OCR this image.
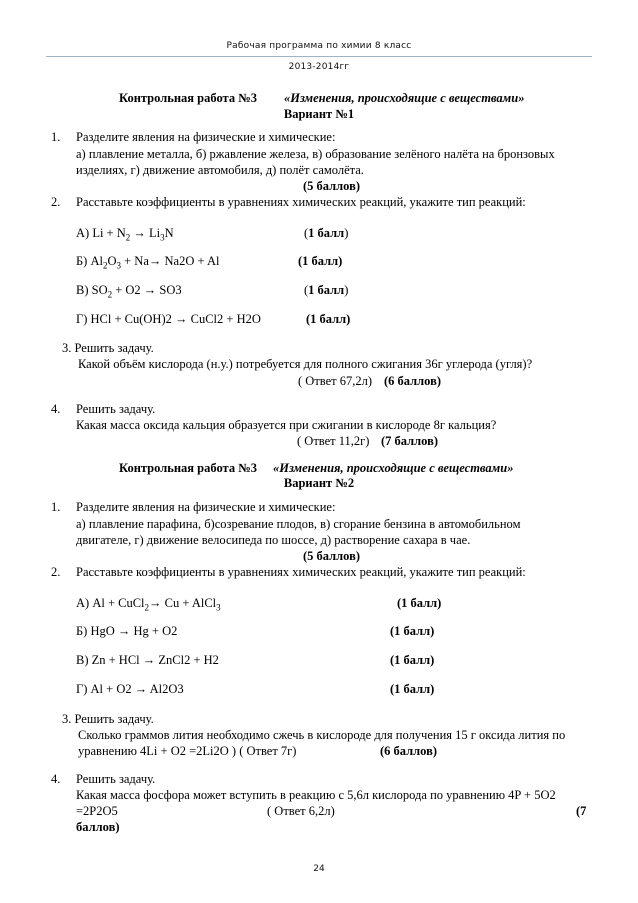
Рабочая программа по химии 8 класс
2013-2014гг
Контрольная работа №3 «Изменения, происходящие с веществами»
Вариант №1
1. Разделите явления на физические и химические:
а) плавление металла, б) ржавление железа, в) образование зелёного налёта на бронзовых
изделиях, г) движение автомобиля, д) полёт самолёта.
(5 баллов)
2. Расставьте коэффициенты в уравнениях химических реакций, укажите тип реакций:
А) $Li + N_2 \to Li_3N$	(1 балл)
Б) $Al_2O_3 + Na\to Na2O + Al$	(1 балл)
В) $SO_2 + O2 \to SO3$	(1 балл)
Г) HCl + Cu(OH)2 → CuCl2 + H2O	(1 балл)
3. Решить задачу.
Какой объём кислорода (н.у.) потребуется для полного сжигания 36г углерода (угля)?
( Ответ 67,2л) (6 баллов)
4. Решить задачу.
Какая масса оксида кальция образуется при сжигании в кислороде 8г кальция?
( Ответ 11,2г) (7 баллов)
Контрольная работа №3 «Изменения, происходящие с веществами»
Вариант №2
1. Разделите явления на физические и химические:
а) плавление парафина, б)созревание плодов, в) сгорание бензина в автомобильном
двигателе, г) движение велосипеда по шоссе, д) растворение сахара в чае.
(5 баллов)
2. Расставьте коэффициенты в уравнениях химических реакций, укажите тип реакций:
А) Al + CuCl$_2$→ Cu + AlCl$_3$	(1 балл)
Б) HgO → Hg + O2	(1 балл)
В) Zn + HCl → ZnCl2 + H2	(1 балл)
Г) Al + O2 → Al2O3	(1 балл)
3. Решить задачу.
Сколько граммов лития необходимо сжечь в кислороде для получения 15 г оксида лития по
уравнению 4Li + O2 =2Li2O ) ( Ответ 7г)	(6 баллов)
4. Решить задачу.
Какая масса фосфора может вступить в реакцию с 5,6л кислорода по уравнению 4P + 5O2
=2P2O5	( Ответ 6,2л)	(7
баллов)
24
